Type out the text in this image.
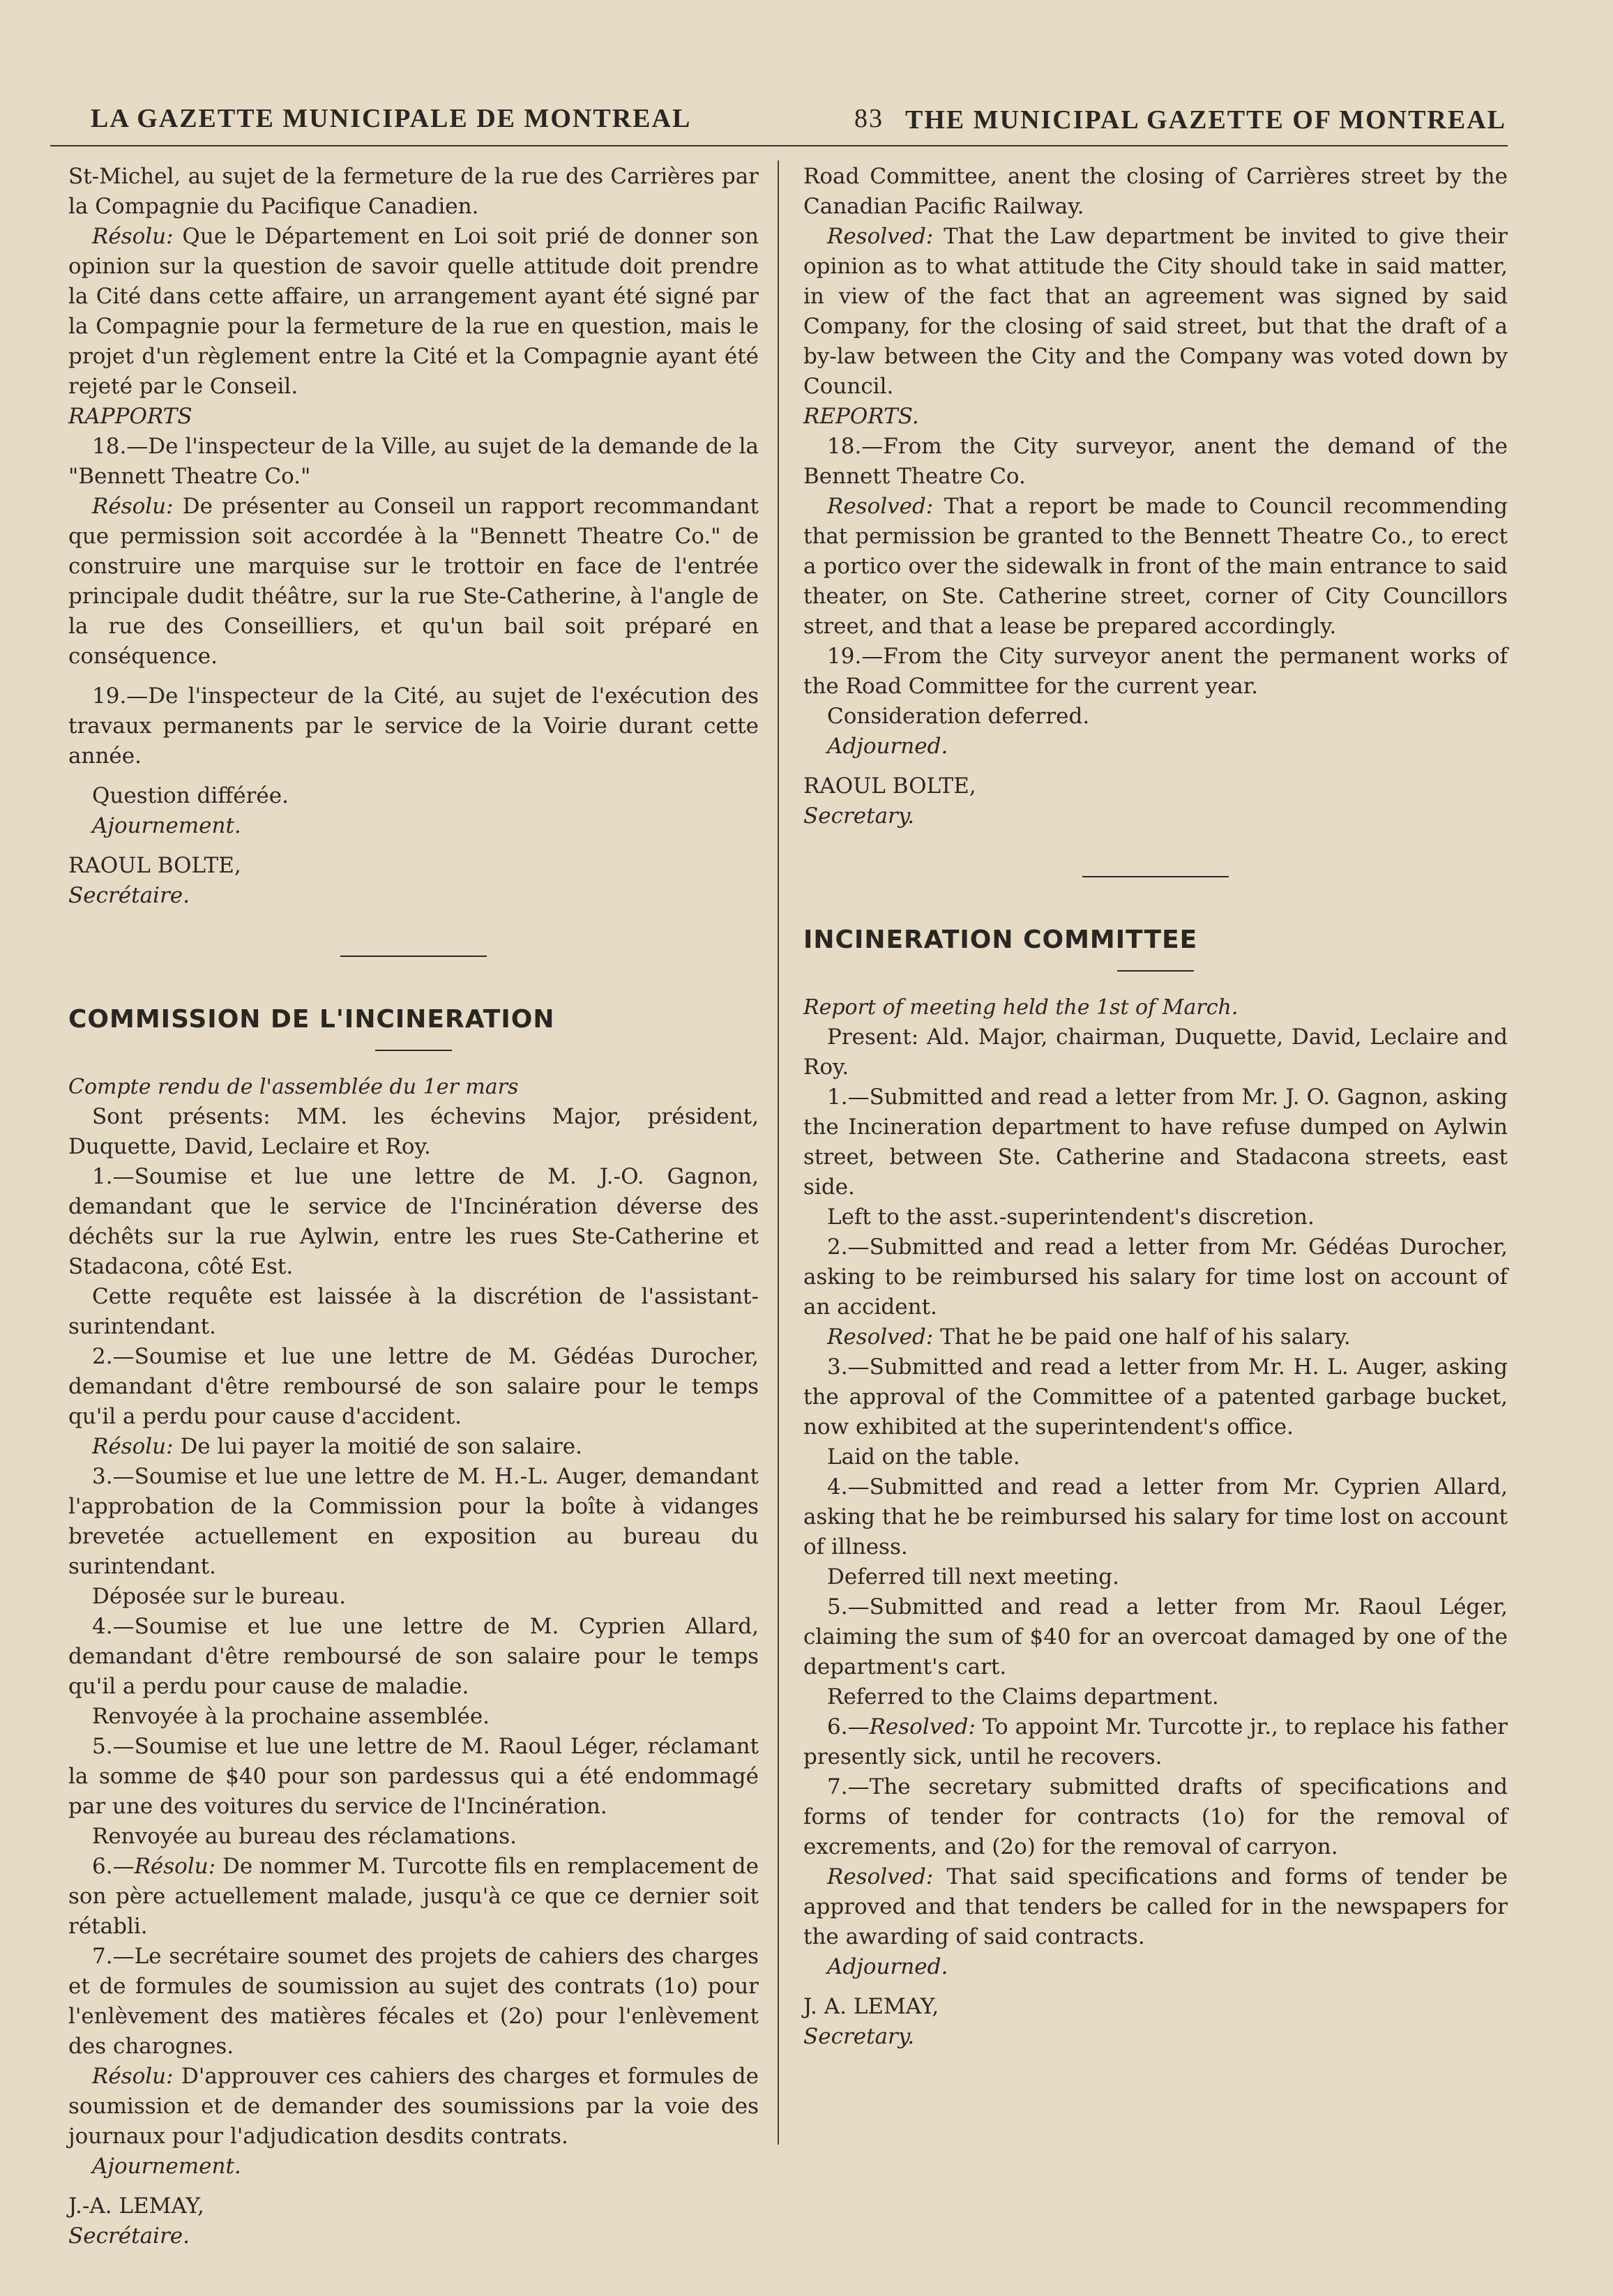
LA GAZETTE MUNICIPALE DE MONTREAL	83 THE MUNICIPAL GAZETTE OF MONTREAL

St-Michel, au sujet de la fermeture de la rue des Carrières par la Compagnie du Pacifique Canadien.

Résolu: Que le Département en Loi soit prié de donner son opinion sur la question de savoir quelle attitude doit prendre la Cité dans cette affaire, un arrangement ayant été signé par la Compagnie pour la fermeture de la rue en question, mais le projet d'un règlement entre la Cité et la Compagnie ayant été rejeté par le Conseil.

RAPPORTS

18.—De l'inspecteur de la Ville, au sujet de la demande de la "Bennett Theatre Co."

Résolu: De présenter au Conseil un rapport recommandant que permission soit accordée à la "Bennett Theatre Co." de construire une marquise sur le trottoir en face de l'entrée principale dudit théâtre, sur la rue Ste-Catherine, à l'angle de la rue des Conseilliers, et qu'un bail soit préparé en conséquence.

19.—De l'inspecteur de la Cité, au sujet de l'exécution des travaux permanents par le service de la Voirie durant cette année.

Question différée.

Ajournement.

RAOUL BOLTE,

Secrétaire.

COMMISSION DE L'INCINERATION

Compte rendu de l'assemblée du 1er mars

Sont présents: MM. les échevins Major, président, Duquette, David, Leclaire et Roy.

1.—Soumise et lue une lettre de M. J.-O. Gagnon, demandant que le service de l'Incinération déverse des déchêts sur la rue Aylwin, entre les rues Ste-Catherine et Stadacona, côté Est.

Cette requête est laissée à la discrétion de l'assistant-surintendant.

2.—Soumise et lue une lettre de M. Gédéas Durocher, demandant d'être remboursé de son salaire pour le temps qu'il a perdu pour cause d'accident.

Résolu: De lui payer la moitié de son salaire.

3.—Soumise et lue une lettre de M. H.-L. Auger, demandant l'approbation de la Commission pour la boîte à vidanges brevetée actuellement en exposition au bureau du surintendant.

Déposée sur le bureau.

4.—Soumise et lue une lettre de M. Cyprien Allard, demandant d'être remboursé de son salaire pour le temps qu'il a perdu pour cause de maladie.

Renvoyée à la prochaine assemblée.

5.—Soumise et lue une lettre de M. Raoul Léger, réclamant la somme de $40 pour son pardessus qui a été endommagé par une des voitures du service de l'Incinération.

Renvoyée au bureau des réclamations.

6.—Résolu: De nommer M. Turcotte fils en remplacement de son père actuellement malade, jusqu'à ce que ce dernier soit rétabli.

7.—Le secrétaire soumet des projets de cahiers des charges et de formules de soumission au sujet des contrats (1o) pour l'enlèvement des matières fécales et (2o) pour l'enlèvement des charognes.

Résolu: D'approuver ces cahiers des charges et formules de soumission et de demander des soumissions par la voie des journaux pour l'adjudication desdits contrats.

Ajournement.

J.-A. LEMAY,

Secrétaire.

Road Committee, anent the closing of Carrières street by the Canadian Pacific Railway.

Resolved: That the Law department be invited to give their opinion as to what attitude the City should take in said matter, in view of the fact that an agreement was signed by said Company, for the closing of said street, but that the draft of a by-law between the City and the Company was voted down by Council.

REPORTS.

18.—From the City surveyor, anent the demand of the Bennett Theatre Co.

Resolved: That a report be made to Council recommending that permission be granted to the Bennett Theatre Co., to erect a portico over the sidewalk in front of the main entrance to said theater, on Ste. Catherine street, corner of City Councillors street, and that a lease be prepared accordingly.

19.—From the City surveyor anent the permanent works of the Road Committee for the current year.

Consideration deferred.

Adjourned.

RAOUL BOLTE,

Secretary.

INCINERATION COMMITTEE

Report of meeting held the 1st of March.

Present: Ald. Major, chairman, Duquette, David, Leclaire and Roy.

1.—Submitted and read a letter from Mr. J. O. Gagnon, asking the Incineration department to have refuse dumped on Aylwin street, between Ste. Catherine and Stadacona streets, east side.

Left to the asst.-superintendent's discretion.

2.—Submitted and read a letter from Mr. Gédéas Durocher, asking to be reimbursed his salary for time lost on account of an accident.

Resolved: That he be paid one half of his salary.

3.—Submitted and read a letter from Mr. H. L. Auger, asking the approval of the Committee of a patented garbage bucket, now exhibited at the superintendent's office.

Laid on the table.

4.—Submitted and read a letter from Mr. Cyprien Allard, asking that he be reimbursed his salary for time lost on account of illness.

Deferred till next meeting.

5.—Submitted and read a letter from Mr. Raoul Léger, claiming the sum of $40 for an overcoat damaged by one of the department's cart.

Referred to the Claims department.

6.—Resolved: To appoint Mr. Turcotte jr., to replace his father presently sick, until he recovers.

7.—The secretary submitted drafts of specifications and forms of tender for contracts (1o) for the removal of excrements, and (2o) for the removal of carryon.

Resolved: That said specifications and forms of tender be approved and that tenders be called for in the newspapers for the awarding of said contracts.

Adjourned.

J. A. LEMAY,

Secretary.
